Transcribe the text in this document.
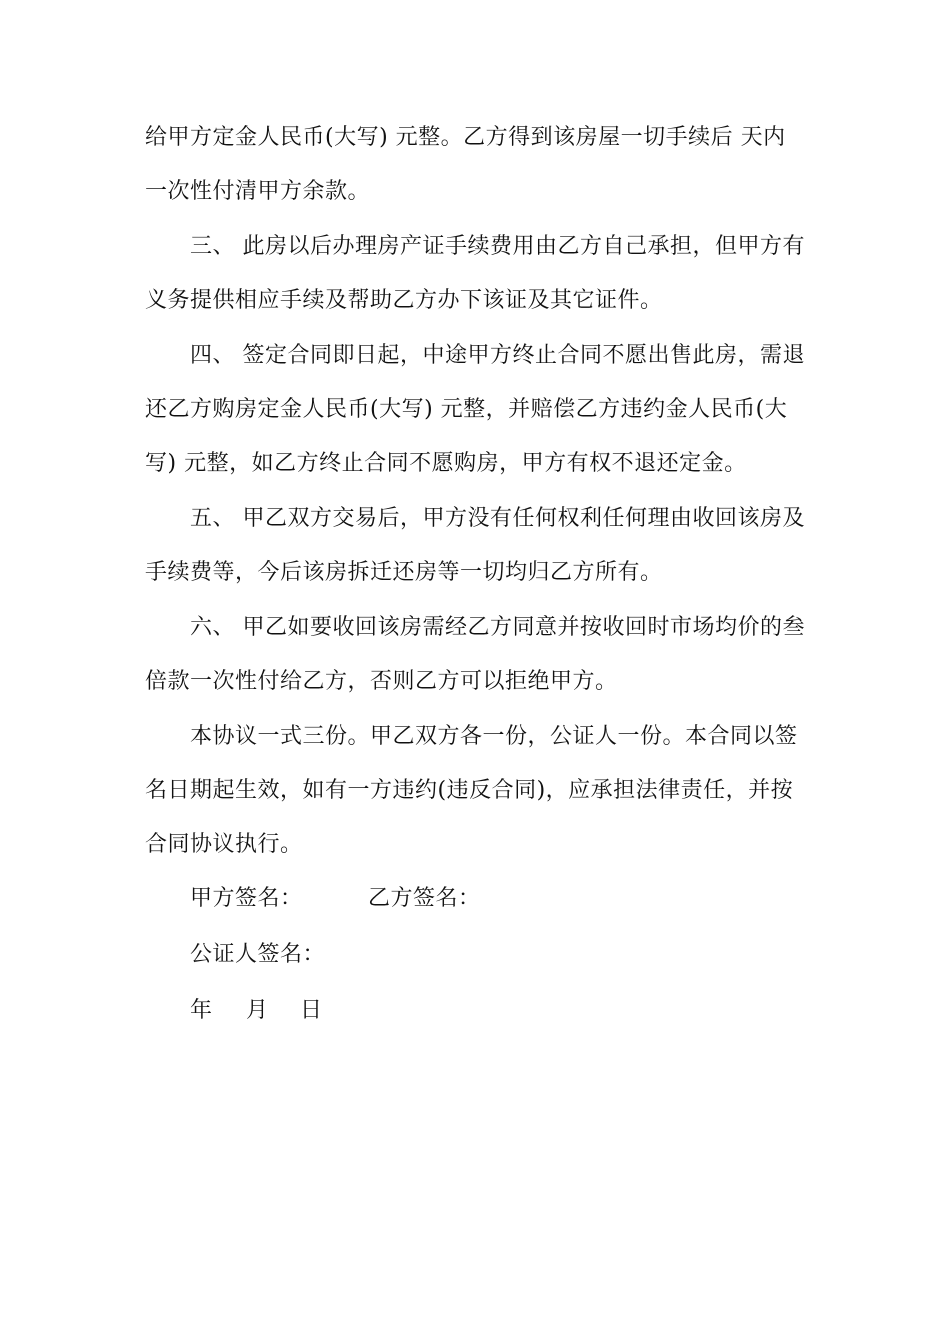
给甲方定金人民币(大写) 元整。乙方得到该房屋一切手续后 天内
一次性付清甲方余款。
三、 此房以后办理房产证手续费用由乙方自己承担，但甲方有
义务提供相应手续及帮助乙方办下该证及其它证件。
四、 签定合同即日起，中途甲方终止合同不愿出售此房，需退
还乙方购房定金人民币(大写) 元整，并赔偿乙方违约金人民币(大
写) 元整，如乙方终止合同不愿购房，甲方有权不退还定金。
五、 甲乙双方交易后，甲方没有任何权利任何理由收回该房及
手续费等，今后该房拆迁还房等一切均归乙方所有。
六、 甲乙如要收回该房需经乙方同意并按收回时市场均价的叁
倍款一次性付给乙方，否则乙方可以拒绝甲方。
本协议一式三份。甲乙双方各一份，公证人一份。本合同以签
名日期起生效，如有一方违约(违反合同)，应承担法律责任，并按
合同协议执行。
甲方签名：	乙方签名：
公证人签名：
年 月 日
